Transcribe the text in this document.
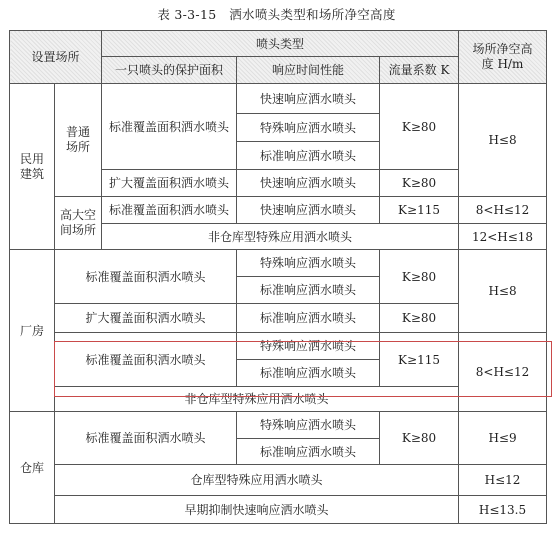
表 3-3-15　洒水喷头类型和场所净空高度
设置场所		喷头类型			场所净空高度 H/m
		一只喷头的保护面积	响应时间性能	流量系数 K	
民用建筑	普通场所	标准覆盖面积洒水喷头	快速响应洒水喷头	K≥80	H≤8
			特殊响应洒水喷头		
			标准响应洒水喷头		
		扩大覆盖面积洒水喷头	快速响应洒水喷头	K≥80	
	高大空间场所	标准覆盖面积洒水喷头	快速响应洒水喷头	K≥115	8<H≤12
		非仓库型特殊应用洒水喷头			12<H≤18
厂房	标准覆盖面积洒水喷头		特殊响应洒水喷头	K≥80	H≤8
			标准响应洒水喷头		
	扩大覆盖面积洒水喷头		标准响应洒水喷头	K≥80	
	标准覆盖面积洒水喷头		特殊响应洒水喷头	K≥115	8<H≤12
			标准响应洒水喷头		
	非仓库型特殊应用洒水喷头				
仓库	标准覆盖面积洒水喷头		特殊响应洒水喷头	K≥80	H≤9
			标准响应洒水喷头		
	仓库型特殊应用洒水喷头				H≤12
	早期抑制快速响应洒水喷头				H≤13.5
